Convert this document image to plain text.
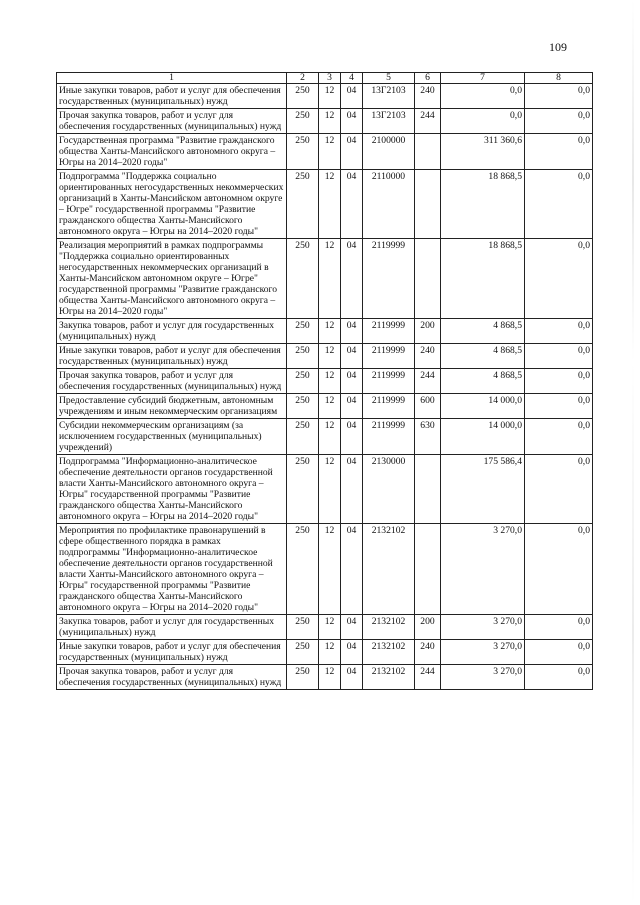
109
1	2	3	4	5	6	7	8
Иные закупки товаров, работ и услуг для обеспечения государственных (муниципальных) нужд	250	12	04	13Г2103	240	0,0	0,0
Прочая закупка товаров, работ и услуг для обеспечения государственных (муниципальных) нужд	250	12	04	13Г2103	244	0,0	0,0
Государственная программа "Развитие гражданского общества Ханты-Мансийского автономного округа – Югры на 2014–2020 годы"	250	12	04	2100000		311 360,6	0,0
Подпрограмма "Поддержка социально ориентированных негосударственных некоммерческих организаций в Ханты-Мансийском автономном округе – Югре" государственной программы "Развитие гражданского общества Ханты-Мансийского автономного округа – Югры на 2014–2020 годы"	250	12	04	2110000		18 868,5	0,0
Реализация мероприятий в рамках подпрограммы "Поддержка социально ориентированных негосударственных некоммерческих организаций в Ханты-Мансийском автономном округе – Югре" государственной программы "Развитие гражданского общества Ханты-Мансийского автономного округа – Югры на 2014–2020 годы"	250	12	04	2119999		18 868,5	0,0
Закупка товаров, работ и услуг для государственных (муниципальных) нужд	250	12	04	2119999	200	4 868,5	0,0
Иные закупки товаров, работ и услуг для обеспечения государственных (муниципальных) нужд	250	12	04	2119999	240	4 868,5	0,0
Прочая закупка товаров, работ и услуг для обеспечения государственных (муниципальных) нужд	250	12	04	2119999	244	4 868,5	0,0
Предоставление субсидий бюджетным, автономным учреждениям и иным некоммерческим организациям	250	12	04	2119999	600	14 000,0	0,0
Субсидии некоммерческим организациям (за исключением государственных (муниципальных) учреждений)	250	12	04	2119999	630	14 000,0	0,0
Подпрограмма "Информационно-аналитическое обеспечение деятельности органов государственной власти Ханты-Мансийского автономного округа – Югры" государственной программы "Развитие гражданского общества Ханты-Мансийского автономного округа – Югры на 2014–2020 годы"	250	12	04	2130000		175 586,4	0,0
Мероприятия по профилактике правонарушений в сфере общественного порядка в рамках подпрограммы "Информационно-аналитическое обеспечение деятельности органов государственной власти Ханты-Мансийского автономного округа – Югры" государственной программы "Развитие гражданского общества Ханты-Мансийского автономного округа – Югры на 2014–2020 годы"	250	12	04	2132102		3 270,0	0,0
Закупка товаров, работ и услуг для государственных (муниципальных) нужд	250	12	04	2132102	200	3 270,0	0,0
Иные закупки товаров, работ и услуг для обеспечения государственных (муниципальных) нужд	250	12	04	2132102	240	3 270,0	0,0
Прочая закупка товаров, работ и услуг для обеспечения государственных (муниципальных) нужд	250	12	04	2132102	244	3 270,0	0,0
